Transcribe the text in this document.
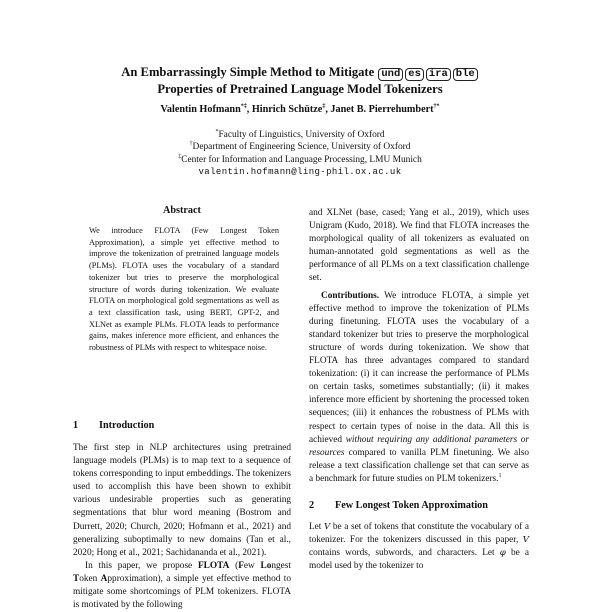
An Embarrassingly Simple Method to Mitigate und es ira ble
Properties of Pretrained Language Model Tokenizers
Valentin Hofmann*‡, Hinrich Schütze‡, Janet B. Pierrehumbert†*
*Faculty of Linguistics, University of Oxford
†Department of Engineering Science, University of Oxford
‡Center for Information and Language Processing, LMU Munich
valentin.hofmann@ling-phil.ox.ac.uk
Abstract
We introduce FLOTA (Few Longest Token Approximation), a simple yet effective method to improve the tokenization of pretrained language models (PLMs). FLOTA uses the vocabulary of a standard tokenizer but tries to preserve the morphological structure of words during tokenization. We evaluate FLOTA on morphological gold segmentations as well as a text classification task, using BERT, GPT-2, and XLNet as example PLMs. FLOTA leads to performance gains, makes inference more efficient, and enhances the robustness of PLMs with respect to whitespace noise.
1 Introduction

The first step in NLP architectures using pretrained language models (PLMs) is to map text to a sequence of tokens corresponding to input embeddings. The tokenizers used to accomplish this have been shown to exhibit various undesirable properties such as generating segmentations that blur word meaning (Bostrom and Durrett, 2020; Church, 2020; Hofmann et al., 2021) and generalizing suboptimally to new domains (Tan et al., 2020; Hong et al., 2021; Sachidananda et al., 2021).

In this paper, we propose FLOTA (Few Longest Token Approximation), a simple yet effective method to mitigate some shortcomings of PLM tokenizers. FLOTA is motivated by the following

and XLNet (base, cased; Yang et al., 2019), which uses Unigram (Kudo, 2018). We find that FLOTA increases the morphological quality of all tokenizers as evaluated on human-annotated gold segmentations as well as the performance of all PLMs on a text classification challenge set.

Contributions. We introduce FLOTA, a simple yet effective method to improve the tokenization of PLMs during finetuning. FLOTA uses the vocabulary of a standard tokenizer but tries to preserve the morphological structure of words during tokenization. We show that FLOTA has three advantages compared to standard tokenization: (i) it can increase the performance of PLMs on certain tasks, sometimes substantially; (ii) it makes inference more efficient by shortening the processed token sequences; (iii) it enhances the robustness of PLMs with respect to certain types of noise in the data. All this is achieved without requiring any additional parameters or resources compared to vanilla PLM finetuning. We also release a text classification challenge set that can serve as a benchmark for future studies on PLM tokenizers.$^1$

2 Few Longest Token Approximation

Let V be a set of tokens that constitute the vocabulary of a tokenizer. For the tokenizers discussed in this paper, V contains words, subwords, and characters. Let φ be a model used by the tokenizer to
